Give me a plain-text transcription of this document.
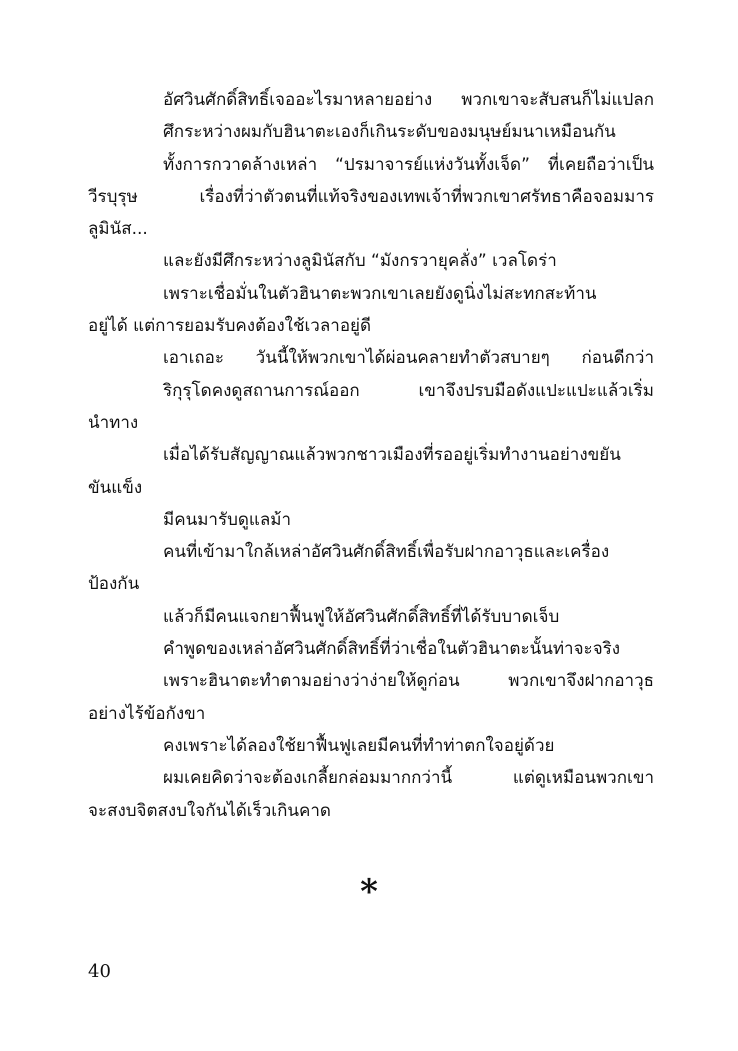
อัศวินศักดิ์สิทธิ์เจออะไรมาหลายอย่าง พวกเขาจะสับสนก็ไม่แปลก
ศึกระหว่างผมกับฮินาตะเองก็เกินระดับของมนุษย์มนาเหมือนกัน
ทั้งการกวาดล้างเหล่า “ปรมาจารย์แห่งวันทั้งเจ็ด” ที่เคยถือว่าเป็น
วีรบุรุษ เรื่องที่ว่าตัวตนที่แท้จริงของเทพเจ้าที่พวกเขาศรัทธาคือจอมมาร
ลูมินัส...
และยังมีศึกระหว่างลูมินัสกับ “มังกรวายุคลั่ง” เวลโดร่า
เพราะเชื่อมั่นในตัวฮินาตะพวกเขาเลยยังดูนิ่งไม่สะทกสะท้าน
อยู่ได้ แต่การยอมรับคงต้องใช้เวลาอยู่ดี
เอาเถอะ วันนี้ให้พวกเขาได้ผ่อนคลายทำตัวสบายๆ ก่อนดีกว่า
ริกุรุโดคงดูสถานการณ์ออก เขาจึงปรบมือดังแปะแปะแล้วเริ่ม
นำทาง
เมื่อได้รับสัญญาณแล้วพวกชาวเมืองที่รออยู่เริ่มทำงานอย่างขยัน
ขันแข็ง
มีคนมารับดูแลม้า
คนที่เข้ามาใกล้เหล่าอัศวินศักดิ์สิทธิ์เพื่อรับฝากอาวุธและเครื่อง
ป้องกัน
แล้วก็มีคนแจกยาฟื้นฟูให้อัศวินศักดิ์สิทธิ์ที่ได้รับบาดเจ็บ
คำพูดของเหล่าอัศวินศักดิ์สิทธิ์ที่ว่าเชื่อในตัวฮินาตะนั้นท่าจะจริง
เพราะฮินาตะทำตามอย่างว่าง่ายให้ดูก่อน พวกเขาจึงฝากอาวุธ
อย่างไร้ข้อกังขา
คงเพราะได้ลองใช้ยาฟื้นฟูเลยมีคนที่ทำท่าตกใจอยู่ด้วย
ผมเคยคิดว่าจะต้องเกลี้ยกล่อมมากกว่านี้ แต่ดูเหมือนพวกเขา
จะสงบจิตสงบใจกันได้เร็วเกินคาด
*
40
